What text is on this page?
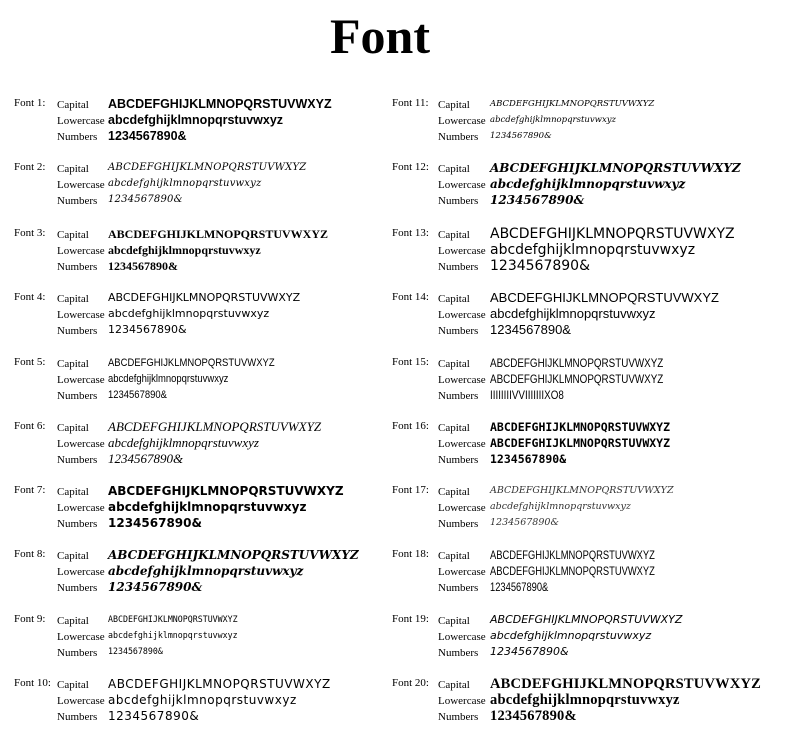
Font
Font 1: Capital ABCDEFGHIJKLMNOPQRSTUVWXYZ
Lowercase abcdefghijklmnopqrstuvwxyz
Numbers 1234567890&
Font 2: Capital ABCDEFGHIJKLMNOPQRSTUVWXYZ
Lowercase abcdefghijklmnopqrstuvwxyz
Numbers 1234567890&
Font 3: Capital ABCDEFGHIJKLMNOPQRSTUVWXYZ
Lowercase abcdefghijklmnopqrstuvwxyz
Numbers 1234567890&
Font 4: Capital ABCDEFGHIJKLMNOPQRSTUVWXYZ
Lowercase abcdefghijklmnopqrstuvwxyz
Numbers 1234567890&
Font 5: Capital ABCDEFGHIJKLMNOPQRSTUVWXYZ
Lowercase abcdefghijklmnopqrstuvwxyz
Numbers 1234567890&
Font 6: Capital ABCDEFGHIJKLMNOPQRSTUVWXYZ
Lowercase abcdefghijklmnopqrstuvwxyz
Numbers 1234567890&
Font 7: Capital ABCDEFGHIJKLMNOPQRSTUVWXYZ
Lowercase abcdefghijklmnopqrstuvwxyz
Numbers 1234567890&
Font 8: Capital ABCDEFGHIJKLMNOPQRSTUVWXYZ
Lowercase abcdefghijklmnopqrstuvwxyz
Numbers 1234567890&
Font 9: Capital ABCDEFGHIJKLMNOPQRSTUVWXYZ
Lowercase abcdefghijklmnopqrstuvwxyz
Numbers 1234567890&
Font 10: Capital ABCDEFGHIJKLMNOPQRSTUVWXYZ
Lowercase abcdefghijklmnopqrstuvwxyz
Numbers 1234567890&
Font 11: Capital ABCDEFGHIJKLMNOPQRSTUVWXYZ
Lowercase abcdefghijklmnopqrstuvwxyz
Numbers 1234567890&
Font 12: Capital ABCDEFGHIJKLMNOPQRSTUVWXYZ
Lowercase abcdefghijklmnopqrstuvwxyz
Numbers 1234567890&
Font 13: Capital ABCDEFGHIJKLMNOPQRSTUVWXYZ
Lowercase abcdefghijklmnopqrstuvwxyz
Numbers 1234567890&
Font 14: Capital ABCDEFGHIJKLMNOPQRSTUVWXYZ
Lowercase abcdefghijklmnopqrstuvwxyz
Numbers 1234567890&
Font 15: Capital ABCDEFGHIJKLMNOPQRSTUVWXYZ
Lowercase ABCDEFGHIJKLMNOPQRSTUVWXYZ
Numbers IIIIIIIIVVIIIIIIIXO8
Font 16: Capital ABCDEFGHIJKLMNOPQRSTUVWXYZ
Lowercase ABCDEFGHIJKLMNOPQRSTUVWXYZ
Numbers 1234567890&
Font 17: Capital ABCDEFGHIJKLMNOPQRSTUVWXYZ
Lowercase abcdefghijklmnopqrstuvwxyz
Numbers 1234567890&
Font 18: Capital ABCDEFGHIJKLMNOPQRSTUVWXYZ
Lowercase ABCDEFGHIJKLMNOPQRSTUVWXYZ
Numbers 1234567890&
Font 19: Capital ABCDEFGHIJKLMNOPQRSTUVWXYZ
Lowercase abcdefghijklmnopqrstuvwxyz
Numbers 1234567890&
Font 20: Capital ABCDEFGHIJKLMNOPQRSTUVWXYZ
Lowercase abcdefghijklmnopqrstuvwxyz
Numbers 1234567890&
